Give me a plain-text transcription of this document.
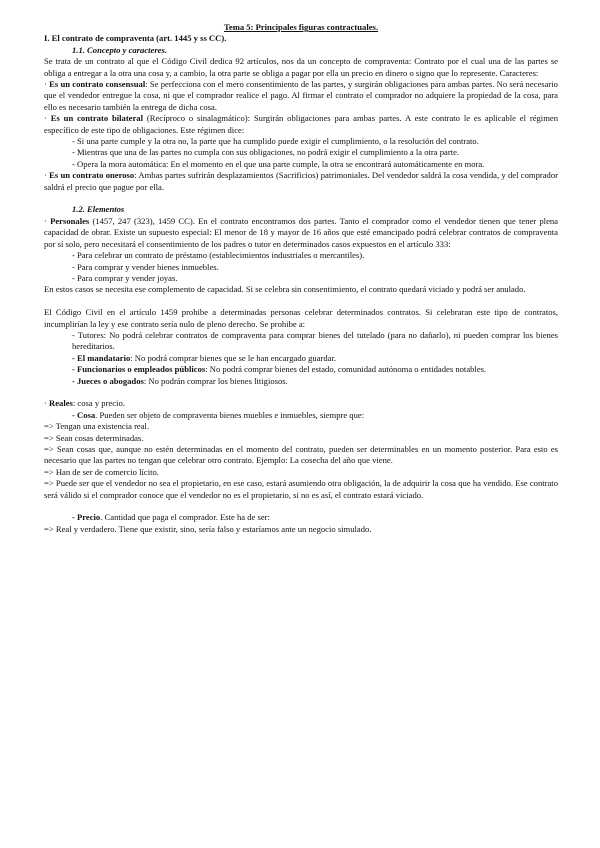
Tema 5: Principales figuras contractuales.

I. El contrato de compraventa (art. 1445 y ss CC).

1.1. Concepto y caracteres.

Se trata de un contrato al que el Código Civil dedica 92 artículos, nos da un concepto de compraventa: Contrato por el cual una de las partes se obliga a entregar a la otra una cosa y, a cambio, la otra parte se obliga a pagar por ella un precio en dinero o signo que lo represente. Caracteres:

· Es un contrato consensual: Se perfecciona con el mero consentimiento de las partes, y surgirán obligaciones para ambas partes. No será necesario que el vendedor entregue la cosa, ni que el comprador realice el pago. Al firmar el contrato el comprador no adquiere la propiedad de la cosa, para ello es necesario también la entrega de dicha cosa.

· Es un contrato bilateral (Recíproco o sinalagmático): Surgirán obligaciones para ambas partes. A este contrato le es aplicable el régimen específico de este tipo de obligaciones. Este régimen dice:

- Si una parte cumple y la otra no, la parte que ha cumplido puede exigir el cumplimiento, o la resolución del contrato.

- Mientras que una de las partes no cumpla con sus obligaciones, no podrá exigir el cumplimiento a la otra parte.

- Opera la mora automática: En el momento en el que una parte cumple, la otra se encontrará automáticamente en mora.

· Es un contrato oneroso: Ambas partes sufrirán desplazamientos (Sacrificios) patrimoniales. Del vendedor saldrá la cosa vendida, y del comprador saldrá el precio que pague por ella.

1.2. Elementos

· Personales (1457, 247 (323), 1459 CC). En el contrato encontramos dos partes. Tanto el comprador como el vendedor tienen que tener plena capacidad de obrar. Existe un supuesto especial: El menor de 18 y mayor de 16 años que esté emancipado podrá celebrar contratos de compraventa por sí solo, pero necesitará el consentimiento de los padres o tutor en determinados casos expuestos en el artículo 333:

- Para celebrar un contrato de préstamo (establecimientos industriales o mercantiles).

- Para comprar y vender bienes inmuebles.

- Para comprar y vender joyas.

En estos casos se necesita ese complemento de capacidad. Si se celebra sin consentimiento, el contrato quedará viciado y podrá ser anulado.

El Código Civil en el artículo 1459 prohibe a determinadas personas celebrar determinados contratos. Si celebraran este tipo de contratos, incumplirían la ley y ese contrato sería nulo de pleno derecho. Se prohibe a:

- Tutores: No podrá celebrar contratos de compraventa para comprar bienes del tutelado (para no dañarlo), ni pueden comprar los bienes hereditarios.

- El mandatario: No podrá comprar bienes que se le han encargado guardar.

- Funcionarios o empleados públicos: No podrá comprar bienes del estado, comunidad autónoma o entidades notables.

- Jueces o abogados: No podrán comprar los bienes litigiosos.

· Reales: cosa y precio.

- Cosa. Pueden ser objeto de compraventa bienes muebles e inmuebles, siempre que:

=> Tengan una existencia real.

=> Sean cosas determinadas.

=> Sean cosas que, aunque no estén determinadas en el momento del contrato, pueden ser determinables en un momento posterior. Para esto es necesario que las partes no tengan que celebrar otro contrato. Ejemplo: La cosecha del año que viene.

=> Han de ser de comercio lícito.

=> Puede ser que el vendedor no sea el propietario, en ese caso, estará asumiendo otra obligación, la de adquirir la cosa que ha vendido. Ese contrato será válido si el comprador conoce que el vendedor no es el propietario, si no es así, el contrato estará viciado.

- Precio. Cantidad que paga el comprador. Este ha de ser:

=> Real y verdadero. Tiene que existir, sino, sería falso y estaríamos ante un negocio simulado.
